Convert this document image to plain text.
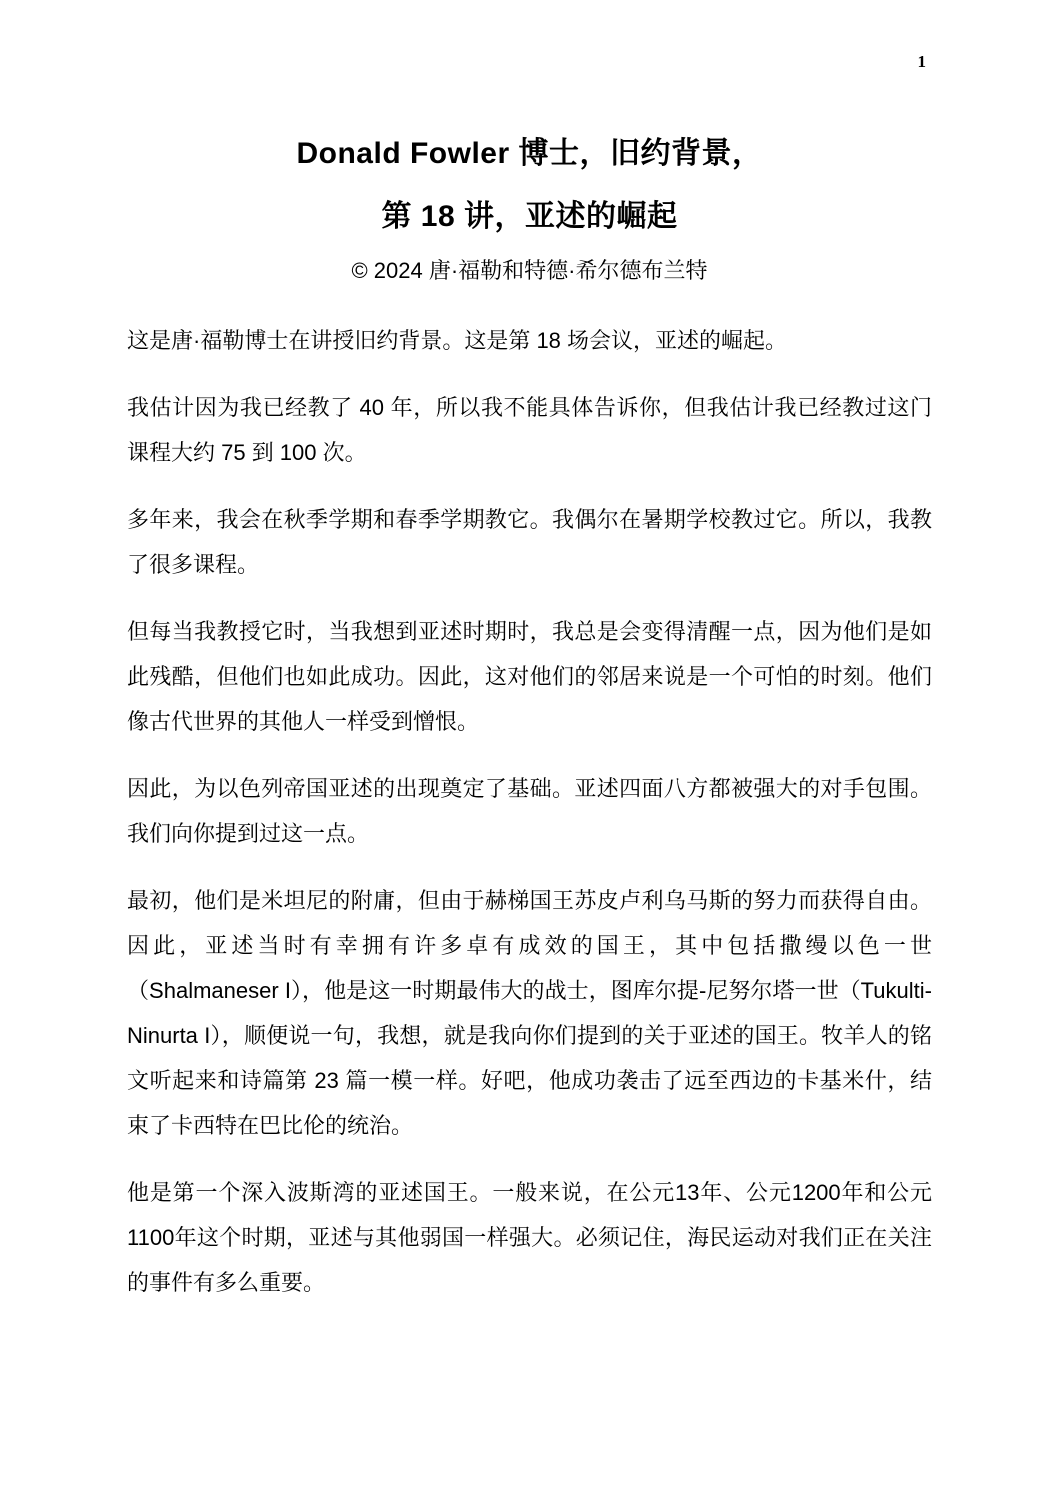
1
Donald Fowler 博士，旧约背景，
第 18 讲，亚述的崛起

© 2024 唐·福勒和特德·希尔德布兰特

这是唐·福勒博士在讲授旧约背景。这是第 18 场会议，亚述的崛起。

我估计因为我已经教了 40 年，所以我不能具体告诉你，但我估计我已经教过这门课程大约 75 到 100 次。

多年来，我会在秋季学期和春季学期教它。我偶尔在暑期学校教过它。所以，我教了很多课程。

但每当我教授它时，当我想到亚述时期时，我总是会变得清醒一点，因为他们是如此残酷，但他们也如此成功。因此，这对他们的邻居来说是一个可怕的时刻。他们像古代世界的其他人一样受到憎恨。

因此，为以色列帝国亚述的出现奠定了基础。亚述四面八方都被强大的对手包围。我们向你提到过这一点。

最初，他们是米坦尼的附庸，但由于赫梯国王苏皮卢利乌马斯的努力而获得自由。因此，亚述当时有幸拥有许多卓有成效的国王，其中包括撒缦以色一世（Shalmaneser I），他是这一时期最伟大的战士，图库尔提-尼努尔塔一世（Tukulti-Ninurta I），顺便说一句，我想，就是我向你们提到的关于亚述的国王。牧羊人的铭文听起来和诗篇第 23 篇一模一样。好吧，他成功袭击了远至西边的卡基米什，结束了卡西特在巴比伦的统治。

他是第一个深入波斯湾的亚述国王。一般来说，在公元13年、公元1200年和公元1100年这个时期，亚述与其他弱国一样强大。必须记住，海民运动对我们正在关注的事件有多么重要。
